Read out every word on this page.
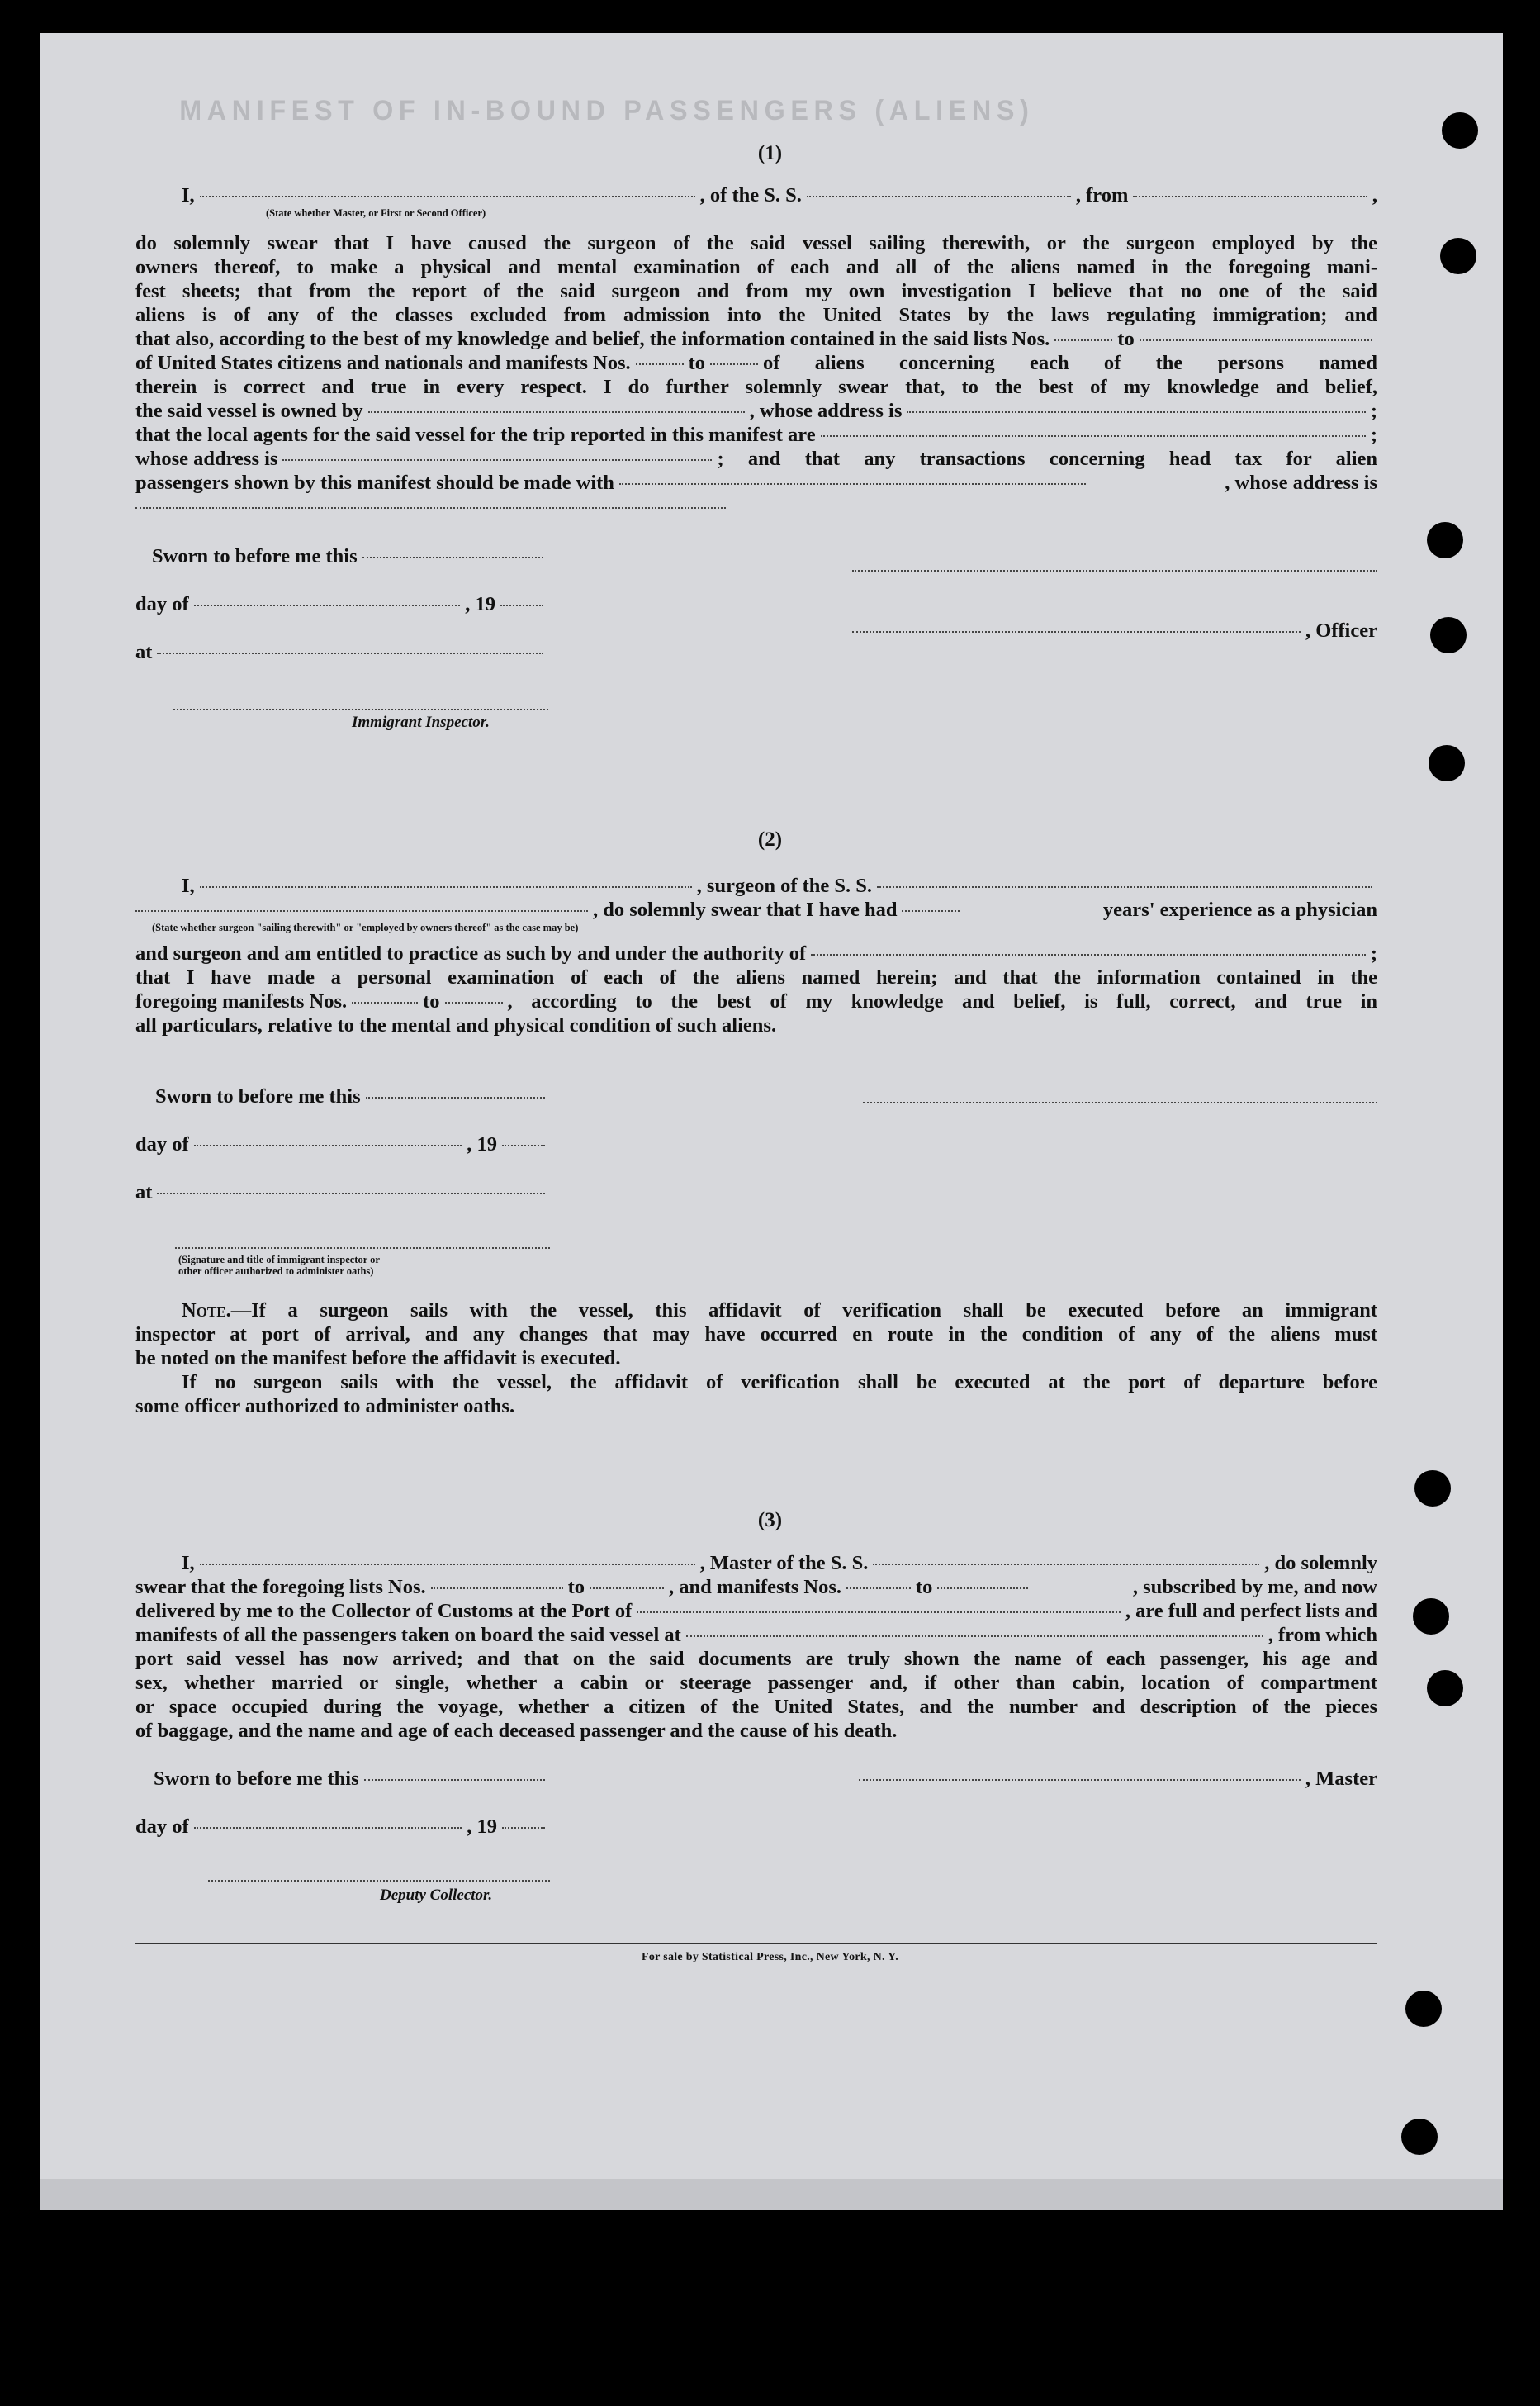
MANIFEST OF IN-BOUND PASSENGERS (ALIENS)
(1)
I,	, of the S. S.	, from	,
(State whether Master, or First or Second Officer)
do solemnly swear that I have caused the surgeon of the said vessel sailing therewith, or the surgeon employed by the
owners thereof, to make a physical and mental examination of each and all of the aliens named in the foregoing mani-
fest sheets; that from the report of the said surgeon and from my own investigation I believe that no one of the said
aliens is of any of the classes excluded from admission into the United States by the laws regulating immigration; and
that also, according to the best of my knowledge and belief, the information contained in the said lists Nos.	to
of United States citizens and nationals and manifests Nos.	to	of aliens concerning each of the persons named
therein is correct and true in every respect. I do further solemnly swear that, to the best of my knowledge and belief,
the said vessel is owned by	, whose address is	;
that the local agents for the said vessel for the trip reported in this manifest are	;
whose address is	; and that any transactions concerning head tax for alien
passengers shown by this manifest should be made with	, whose address is
Sworn to before me this
day of	, 19
at
Immigrant Inspector.
, Officer
(2)
I,	, surgeon of the S. S.
, do solemnly swear that I have had	years' experience as a physician
(State whether surgeon "sailing therewith" or "employed by owners thereof" as the case may be)
and surgeon and am entitled to practice as such by and under the authority of	;
that I have made a personal examination of each of the aliens named herein; and that the information contained in the
foregoing manifests Nos.	to	, according to the best of my knowledge and belief, is full, correct, and true in
all particulars, relative to the mental and physical condition of such aliens.
Sworn to before me this
day of	, 19
at
(Signature and title of immigrant inspector or
other officer authorized to administer oaths)
Note.—If a surgeon sails with the vessel, this affidavit of verification shall be executed before an immigrant
inspector at port of arrival, and any changes that may have occurred en route in the condition of any of the aliens must
be noted on the manifest before the affidavit is executed.
If no surgeon sails with the vessel, the affidavit of verification shall be executed at the port of departure before
some officer authorized to administer oaths.
(3)
I,	, Master of the S. S.	, do solemnly
swear that the foregoing lists Nos.	to	, and manifests Nos.	to	, subscribed by me, and now
delivered by me to the Collector of Customs at the Port of	, are full and perfect lists and
manifests of all the passengers taken on board the said vessel at	, from which
port said vessel has now arrived; and that on the said documents are truly shown the name of each passenger, his age and
sex, whether married or single, whether a cabin or steerage passenger and, if other than cabin, location of compartment
or space occupied during the voyage, whether a citizen of the United States, and the number and description of the pieces
of baggage, and the name and age of each deceased passenger and the cause of his death.
Sworn to before me this	, Master
day of	, 19
Deputy Collector.
For sale by Statistical Press, Inc., New York, N. Y.
